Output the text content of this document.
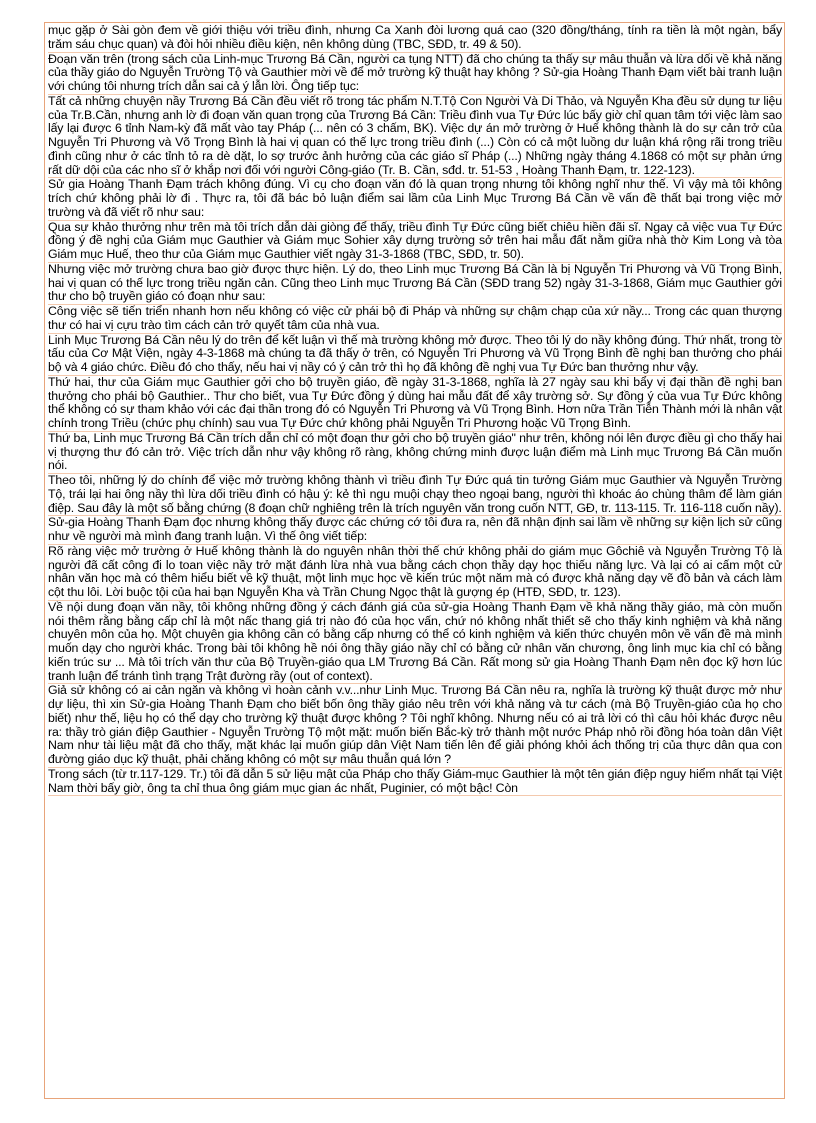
mục gặp ở Sài gòn đem về giới thiệu với triều đình, nhưng Ca Xanh đòi lương quá cao (320 đồng/tháng, tính ra tiền là một ngàn, bẩy trăm sáu chục quan) và đòi hỏi nhiều điều kiện, nên không dùng (TBC, SĐD, tr. 49 & 50).

Đoạn văn trên (trong sách của Linh-mục Trương Bá Cần, người ca tụng NTT) đã cho chúng ta thấy sự mâu thuẫn và lừa dối về khả năng của thầy giáo do Nguyễn Trường Tộ và Gauthier mời về để mở trường kỹ thuật hay không ? Sử-gia Hoàng Thanh Đạm viết bài tranh luận với chúng tôi nhưng trích dẫn sai cả ý lẫn lời. Ông tiếp tục:

Tất cả những chuyện nầy Trương Bá Cần đều viết rõ trong tác phẩm N.T.Tộ Con Người Và Di Thảo, và Nguyễn Kha đều sử dụng tư liệu của Tr.B.Cần, nhưng anh lờ đi đoạn văn quan trọng của Trương Bá Cần: Triều đình vua Tự Đức lúc bấy giờ chỉ quan tâm tới việc làm sao lấy lại được 6 tỉnh Nam-kỳ đã mất vào tay Pháp (... nên có 3 chấm, BK). Việc dự án mở trường ở Huế không thành là do sự cản trở của Nguyễn Tri Phương và Võ Trọng Bình là hai vị quan có thế lực trong triều đình (...) Còn có cả một luồng dư luận khá rộng rãi trong triều đình cũng như ở các tỉnh tỏ ra dè dặt, lo sợ trước ảnh hưởng của các giáo sĩ Pháp (...) Những ngày tháng 4.1868 có một sự phản ứng rất dữ dội của các nho sĩ ở khắp nơi đối với người Công-giáo (Tr. B. Cần, sđd. tr. 51-53 , Hoàng Thanh Đạm, tr. 122-123).

Sử gia Hoàng Thanh Đạm trách không đúng. Vì cụ cho đoạn văn đó là quan trọng nhưng tôi không nghĩ như thế. Vì vậy mà tôi không trích chứ không phải lờ đi . Thực ra, tôi đã bác bỏ luận điểm sai lầm của Linh Mục Trương Bá Cần về vấn đề thất bại trong việc mở trường và đã viết rõ như sau:

Qua sự khảo thưởng như trên mà tôi trích dẫn dài giòng để thấy, triều đình Tự Đức cũng biết chiêu hiền đãi sĩ. Ngay cả việc vua Tự Đức đồng ý đề nghị của Giám mục Gauthier và Giám mục Sohier xây dựng trường sở trên hai mẫu đất nằm giữa nhà thờ Kim Long và tòa Giám mục Huế, theo thư của Giám mục Gauthier viết ngày 31-3-1868 (TBC, SĐD, tr. 50).

Nhưng việc mở trường chưa bao giờ được thực hiện. Lý do, theo Linh mục Trương Bá Cần là bị Nguyễn Tri Phương và Vũ Trọng Bình, hai vị quan có thế lực trong triều ngăn cản. Cũng theo Linh mục Trương Bá Cần (SĐD trang 52) ngày 31-3-1868, Giám mục Gauthier gởi thư cho bộ truyền giáo có đoạn như sau:

Công việc sẽ tiến triển nhanh hơn nếu không có việc cử phái bộ đi Pháp và những sự chậm chạp của xứ nầy... Trong các quan thượng thư có hai vị cựu trào tìm cách cản trở quyết tâm của nhà vua.

Linh Mục Trương Bá Cần nêu lý do trên để kết luận vì thế mà trường không mở được. Theo tôi lý do nầy không đúng. Thứ nhất, trong tờ tấu của Cơ Mật Viện, ngày 4-3-1868 mà chúng ta đã thấy ở trên, có Nguyễn Tri Phương và Vũ Trọng Bình đề nghị ban thưởng cho phái bộ và 4 giáo chức. Điều đó cho thấy, nếu hai vị nầy có ý cản trở thì họ đã không đề nghị vua Tự Đức ban thưởng như vậy.

Thứ hai, thư của Giám mục Gauthier gởi cho bộ truyền giáo, đề ngày 31-3-1868, nghĩa là 27 ngày sau khi bẩy vị đại thần đề nghị ban thưởng cho phái bộ Gauthier.. Thư cho biết, vua Tự Đức đồng ý dùng hai mẫu đất để xây trường sở. Sự đồng ý của vua Tự Đức không thể không có sự tham khảo với các đại thần trong đó có Nguyễn Tri Phương và Vũ Trọng Bình. Hơn nữa Trần Tiễn Thành mới là nhân vật chính trong Triều (chức phụ chính) sau vua Tự Đức chứ không phải Nguyễn Tri Phương hoặc Vũ Trọng Bình.

Thứ ba, Linh mục Trương Bá Cần trích dẫn chỉ có một đoạn thư gởi cho bộ truyền giáo" như trên, không nói lên được điều gì cho thấy hai vị thượng thư đó cản trở. Việc trích dẫn như vậy không rõ ràng, không chứng minh được luận điểm mà Linh mục Trương Bá Cần muốn nói.

Theo tôi, những lý do chính để việc mở trường không thành vì triều đình Tự Đức quá tin tưởng Giám mục Gauthier và Nguyễn Trường Tộ, trái lại hai ông nầy thì lừa dối triều đình có hậu ý: kẻ thì ngu muội chạy theo ngoại bang, người thì khoác áo chùng thâm để làm gián điệp. Sau đây là một số bằng chứng (8 đoạn chữ nghiêng trên là trích nguyên văn trong cuốn NTT, GĐ, tr. 113-115. Tr. 116-118 cuốn nầy).

Sử-gia Hoàng Thanh Đạm đọc nhưng không thấy được các chứng cớ tôi đưa ra, nên đã nhận định sai lầm về những sự kiện lịch sử cũng như về người mà mình đang tranh luận. Vì thế ông viết tiếp:

Rõ ràng việc mở trường ở Huế không thành là do nguyên nhân thời thế chứ không phải do giám mục Gôchiê và Nguyễn Trường Tộ là người đã cất công đi lo toan việc nầy trở mặt đánh lừa nhà vua bằng cách chọn thầy dạy học thiếu năng lực. Và lại có ai cấm một cử nhân văn học mà có thêm hiểu biết về kỹ thuật, một linh mục học về kiến trúc một năm mà có được khả năng dạy vẽ đồ bản và cách làm cột thu lôi. Lời buộc tội của hai bạn Nguyễn Kha và Trần Chung Ngọc thật là gượng ép (HTĐ, SĐD, tr. 123).

Về nội dung đoạn văn nầy, tôi không những đồng ý cách đánh giá của sử-gia Hoàng Thanh Đạm về khả năng thầy giáo, mà còn muốn nói thêm rằng bằng cấp chỉ là một nấc thang giá trị nào đó của học vấn, chứ nó không nhất thiết sẽ cho thấy kinh nghiệm và khả năng chuyên môn của họ. Một chuyên gia không cần có bằng cấp nhưng có thể có kinh nghiệm và kiến thức chuyên môn về vấn đề mà mình muốn dạy cho người khác. Trong bài tôi không hề nói ông thầy giáo nầy chỉ có bằng cử nhân văn chương, ông linh mục kia chỉ có bằng kiến trúc sư ... Mà tôi trích văn thư của Bộ Truyền-giáo qua LM Trương Bá Cần. Rất mong sử gia Hoàng Thanh Đạm nên đọc kỹ hơn lúc tranh luận để tránh tình trạng Trật đường rầy (out of context).

Giả sử không có ai cản ngăn và không vì hoàn cảnh v.v...như Linh Mục. Trương Bá Cần nêu ra, nghĩa là trường kỹ thuật được mở như dự liệu, thì xin Sử-gia Hoàng Thanh Đạm cho biết bốn ông thầy giáo nêu trên với khả năng và tư cách (mà Bộ Truyền-giáo của họ cho biết) như thế, liệu họ có thể dạy cho trường kỹ thuật được không ? Tôi nghĩ không. Nhưng nếu có ai trả lời có thì câu hỏi khác được nêu ra: thầy trò gián điệp Gauthier - Nguyễn Trường Tộ một mặt: muốn biến Bắc-kỳ trở thành một nước Pháp nhỏ rồi đồng hóa toàn dân Việt Nam như tài liệu mật đã cho thấy, mặt khác lại muốn giúp dân Việt Nam tiến lên để giải phóng khỏi ách thống trị của thực dân qua con đường giáo dục kỹ thuật, phải chăng không có một sự mâu thuẫn quá lớn ?

Trong sách (từ tr.117-129. Tr.) tôi đã dẫn 5 sử liệu mật của Pháp cho thấy Giám-mục Gauthier là một tên gián điệp nguy hiểm nhất tại Việt Nam thời bấy giờ, ông ta chỉ thua ông giám mục gian ác nhất, Puginier, có một bậc! Còn
